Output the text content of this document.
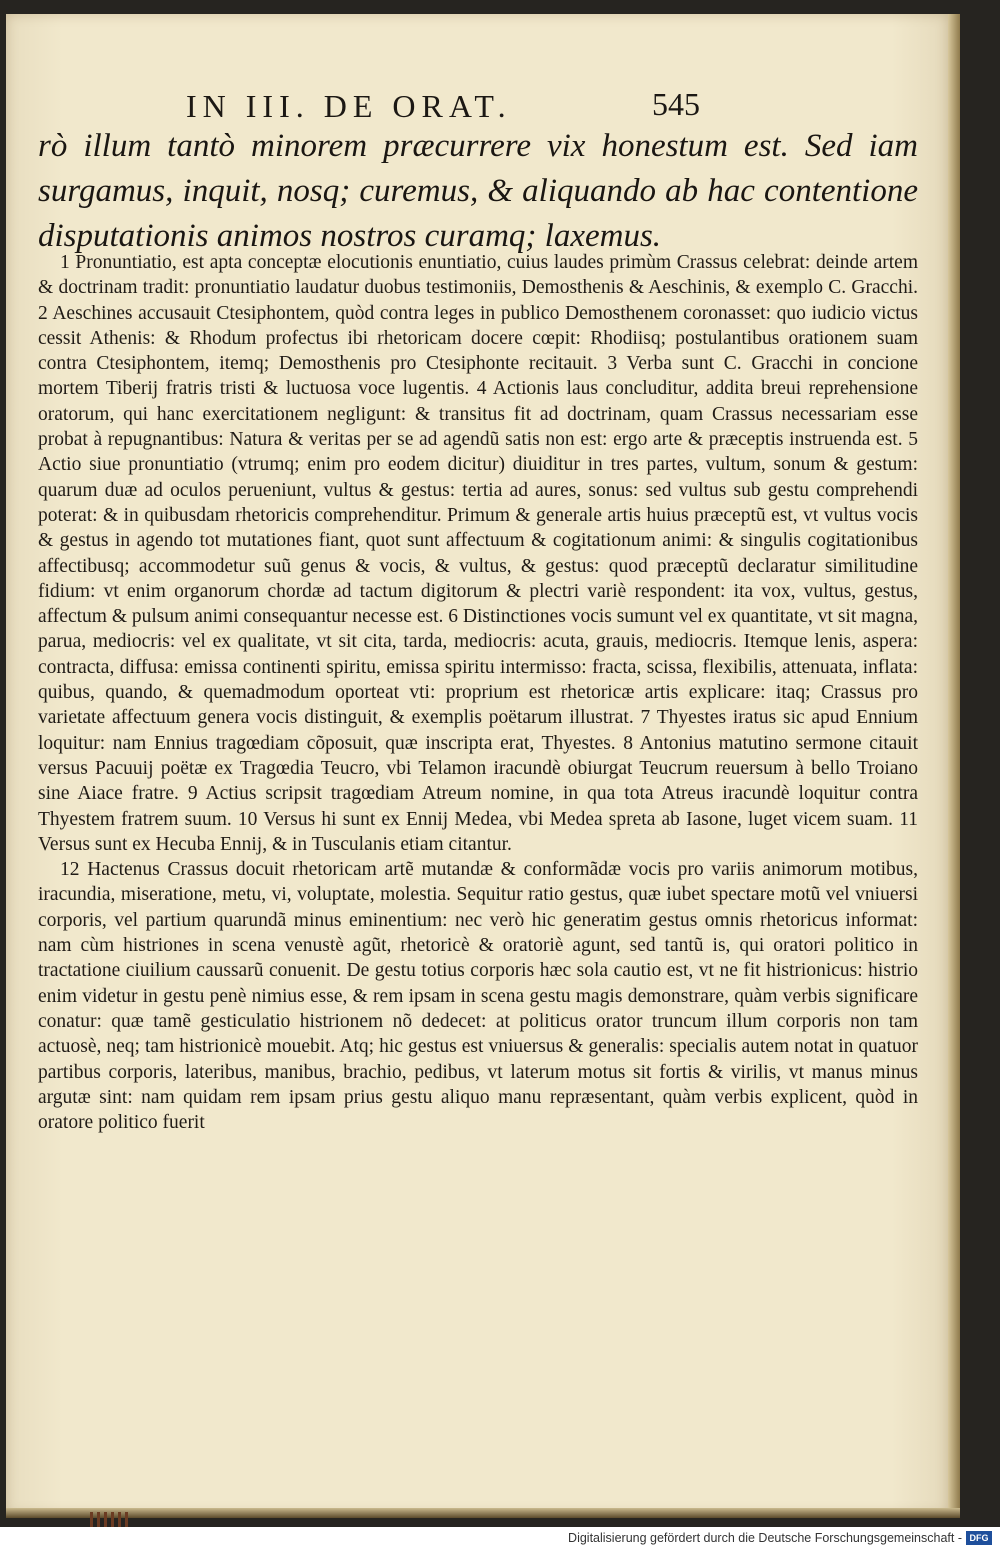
IN III. DE ORAT.	545

rò illum tantò minorem præcurrere vix honestum est. Sed iam surgamus, inquit, nosq; curemus, & aliquando ab hac contentione disputationis animos nostros curamq; laxemus.

1 Pronuntiatio, est apta conceptæ elocutionis enuntiatio, cuius laudes primùm Crassus celebrat: deinde artem & doctrinam tradit: pronuntiatio laudatur duobus testimoniis, Demosthenis & Aeschinis, & exemplo C. Gracchi. 2 Aeschines accusauit Ctesiphontem, quòd contra leges in publico Demosthenem coronasset: quo iudicio victus cessit Athenis: & Rhodum profectus ibi rhetoricam docere cœpit: Rhodiisq; postulantibus orationem suam contra Ctesiphontem, itemq; Demosthenis pro Ctesiphonte recitauit. 3 Verba sunt C. Gracchi in concione mortem Tiberij fratris tristi & luctuosa voce lugentis. 4 Actionis laus concluditur, addita breui reprehensione oratorum, qui hanc exercitationem negligunt: & transitus fit ad doctrinam, quam Crassus necessariam esse probat à repugnantibus: Natura & veritas per se ad agendũ satis non est: ergo arte & præceptis instruenda est. 5 Actio siue pronuntiatio (vtrumq; enim pro eodem dicitur) diuiditur in tres partes, vultum, sonum & gestum: quarum duæ ad oculos perueniunt, vultus & gestus: tertia ad aures, sonus: sed vultus sub gestu comprehendi poterat: & in quibusdam rhetoricis comprehenditur. Primum & generale artis huius præceptũ est, vt vultus vocis & gestus in agendo tot mutationes fiant, quot sunt affectuum & cogitationum animi: & singulis cogitationibus affectibusq; accommodetur suũ genus & vocis, & vultus, & gestus: quod præceptũ declaratur similitudine fidium: vt enim organorum chordæ ad tactum digitorum & plectri variè respondent: ita vox, vultus, gestus, affectum & pulsum animi consequantur necesse est. 6 Distinctiones vocis sumunt vel ex quantitate, vt sit magna, parua, mediocris: vel ex qualitate, vt sit cita, tarda, mediocris: acuta, grauis, mediocris. Itemque lenis, aspera: contracta, diffusa: emissa continenti spiritu, emissa spiritu intermisso: fracta, scissa, flexibilis, attenuata, inflata: quibus, quando, & quemadmodum oporteat vti: proprium est rhetoricæ artis explicare: itaq; Crassus pro varietate affectuum genera vocis distinguit, & exemplis poëtarum illustrat. 7 Thyestes iratus sic apud Ennium loquitur: nam Ennius tragœdiam cõposuit, quæ inscripta erat, Thyestes. 8 Antonius matutino sermone citauit versus Pacuuij poëtæ ex Tragœdia Teucro, vbi Telamon iracundè obiurgat Teucrum reuersum à bello Troiano sine Aiace fratre. 9 Actius scripsit tragœdiam Atreum nomine, in qua tota Atreus iracundè loquitur contra Thyestem fratrem suum. 10 Versus hi sunt ex Ennij Medea, vbi Medea spreta ab Iasone, luget vicem suam. 11 Versus sunt ex Hecuba Ennij, & in Tusculanis etiam citantur.

12 Hactenus Crassus docuit rhetoricam artẽ mutandæ & conformãdæ vocis pro variis animorum motibus, iracundia, miseratione, metu, vi, voluptate, molestia. Sequitur ratio gestus, quæ iubet spectare motũ vel vniuersi corporis, vel partium quarundã minus eminentium: nec verò hic generatim gestus omnis rhetoricus informat: nam cùm histriones in scena venustè agũt, rhetoricè & oratoriè agunt, sed tantũ is, qui oratori politico in tractatione ciuilium caussarũ conuenit. De gestu totius corporis hæc sola cautio est, vt ne fit histrionicus: histrio enim videtur in gestu penè nimius esse, & rem ipsam in scena gestu magis demonstrare, quàm verbis significare conatur: quæ tamẽ gesticulatio histrionem nõ dedecet: at politicus orator truncum illum corporis non tam actuosè, neq; tam histrionicè mouebit. Atq; hic gestus est vniuersus & generalis: specialis autem notat in quatuor partibus corporis, lateribus, manibus, brachio, pedibus, vt laterum motus sit fortis & virilis, vt manus minus argutæ sint: nam quidam rem ipsam prius gestu aliquo manu repræsentant, quàm verbis explicent, quòd in oratore politico fuerit

Digitalisierung gefördert durch die Deutsche Forschungsgemeinschaft - DFG
